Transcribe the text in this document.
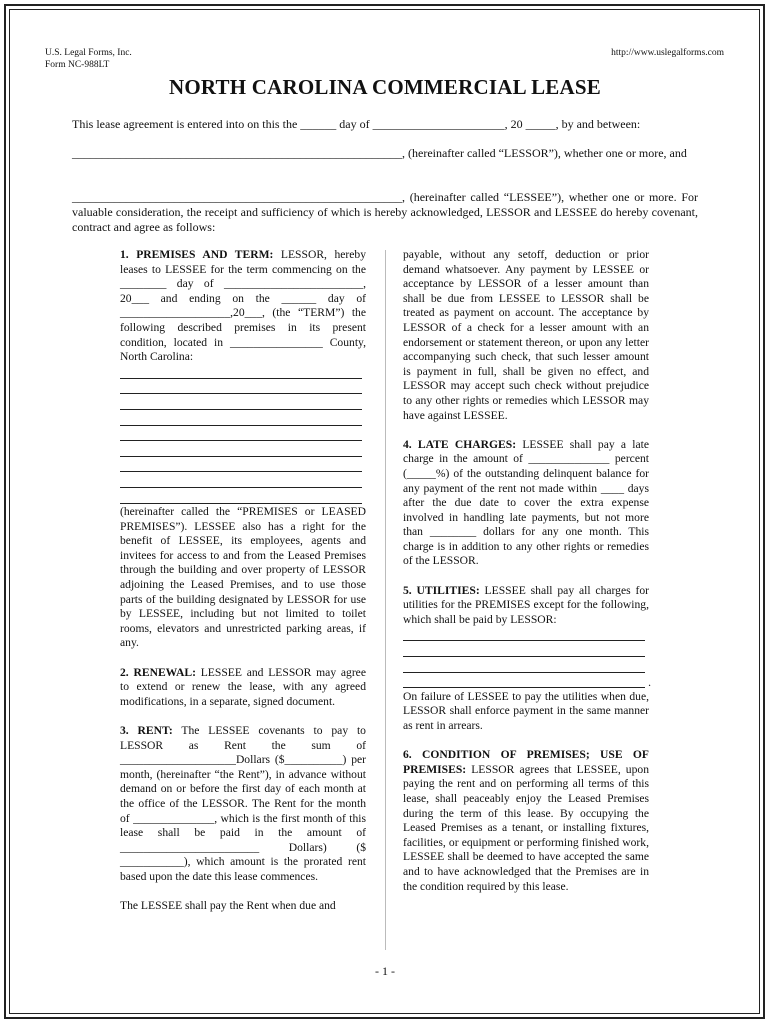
U.S. Legal Forms, Inc.
Form NC-988LT
http://www.uslegalforms.com
NORTH CAROLINA COMMERCIAL LEASE

This lease agreement is entered into on this the ______ day of ______________________, 20 _____, by and between:

_______________________________________________________, (hereinafter called “LESSOR”), whether one or more, and

_______________________________________________________, (hereinafter called “LESSEE”), whether one or more. For valuable consideration, the receipt and sufficiency of which is hereby acknowledged, LESSOR and LESSEE do hereby covenant, contract and agree as follows:

1. PREMISES AND TERM: LESSOR, hereby leases to LESSEE for the term commencing on the ________ day of ________________________, 20___ and ending on the ______ day of ___________________,20___, (the “TERM”) the following described premises in its present condition, located in ________________ County, North Carolina:

(hereinafter called the “PREMISES or LEASED PREMISES”). LESSEE also has a right for the benefit of LESSEE, its employees, agents and invitees for access to and from the Leased Premises through the building and over property of LESSOR adjoining the Leased Premises, and to use those parts of the building designated by LESSOR for use by LESSEE, including but not limited to toilet rooms, elevators and unrestricted parking areas, if any.

2. RENEWAL: LESSEE and LESSOR may agree to extend or renew the lease, with any agreed modifications, in a separate, signed document.

3. RENT: The LESSEE covenants to pay to LESSOR as Rent the sum of ____________________Dollars ($__________) per month, (hereinafter “the Rent”), in advance without demand on or before the first day of each month at the office of the LESSOR. The Rent for the month of ______________, which is the first month of this lease shall be paid in the amount of ________________________ Dollars) ($ ___________), which amount is the prorated rent based upon the date this lease commences.

The LESSEE shall pay the Rent when due and

payable, without any setoff, deduction or prior demand whatsoever. Any payment by LESSEE or acceptance by LESSOR of a lesser amount than shall be due from LESSEE to LESSOR shall be treated as payment on account. The acceptance by LESSOR of a check for a lesser amount with an endorsement or statement thereon, or upon any letter accompanying such check, that such lesser amount is payment in full, shall be given no effect, and LESSOR may accept such check without prejudice to any other rights or remedies which LESSOR may have against LESSEE.

4. LATE CHARGES: LESSEE shall pay a late charge in the amount of ______________ percent (_____%) of the outstanding delinquent balance for any payment of the rent not made within ____ days after the due date to cover the extra expense involved in handling late payments, but not more than ________ dollars for any one month. This charge is in addition to any other rights or remedies of the LESSOR.

5. UTILITIES: LESSEE shall pay all charges for utilities for the PREMISES except for the following, which shall be paid by LESSOR:

.

On failure of LESSEE to pay the utilities when due, LESSOR shall enforce payment in the same manner as rent in arrears.

6. CONDITION OF PREMISES; USE OF PREMISES: LESSOR agrees that LESSEE, upon paying the rent and on performing all terms of this lease, shall peaceably enjoy the Leased Premises during the term of this lease. By occupying the Leased Premises as a tenant, or installing fixtures, facilities, or equipment or performing finished work, LESSEE shall be deemed to have accepted the same and to have acknowledged that the Premises are in the condition required by this lease.

- 1 -
